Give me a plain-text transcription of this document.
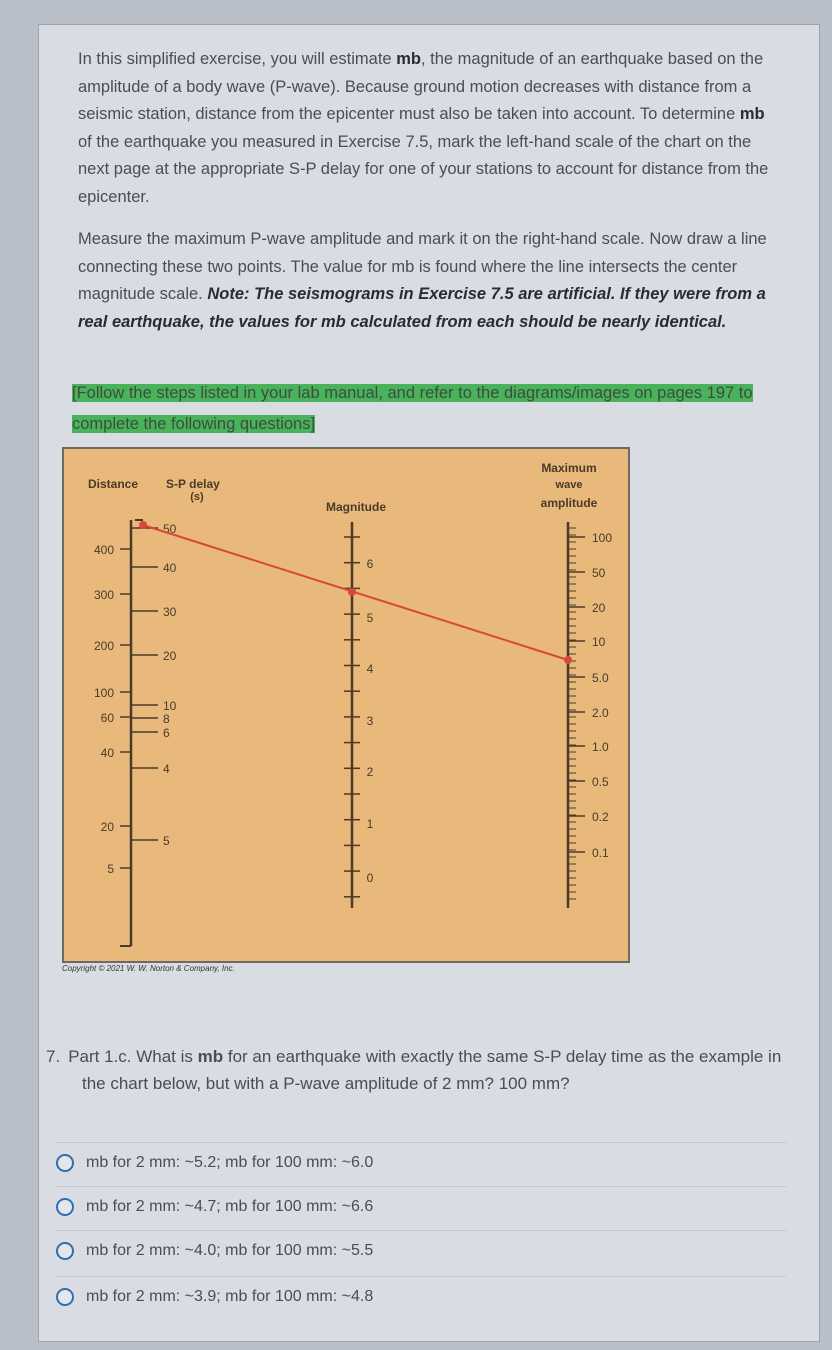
In this simplified exercise, you will estimate mb, the magnitude of an earthquake based on the amplitude of a body wave (P-wave). Because ground motion decreases with distance from a seismic station, distance from the epicenter must also be taken into account. To determine mb of the earthquake you measured in Exercise 7.5, mark the left-hand scale of the chart on the next page at the appropriate S-P delay for one of your stations to account for distance from the epicenter.
Measure the maximum P-wave amplitude and mark it on the right-hand scale. Now draw a line connecting these two points. The value for mb is found where the line intersects the center magnitude scale. Note: The seismograms in Exercise 7.5 are artificial. If they were from a real earthquake, the values for mb calculated from each should be nearly identical.
[Follow the steps listed in your lab manual, and refer to the diagrams/images on pages 197 to complete the following questions]
Distance S-P delay
(s)
Magnitude
Maximum
wave
amplitude
400
300
200
100
60
40
20
5
50
40
30
20
10
8
6
4
5
6
5
4
3
2
1
0
100
50
20
10
5.0
2.0
1.0
0.5
0.2
0.1
Copyright © 2021 W. W. Norton & Company, Inc.
7. Part 1.c. What is mb for an earthquake with exactly the same S-P delay time as the example in the chart below, but with a P-wave amplitude of 2 mm? 100 mm?
mb for 2 mm: ~5.2; mb for 100 mm: ~6.0
mb for 2 mm: ~4.7; mb for 100 mm: ~6.6
mb for 2 mm: ~4.0; mb for 100 mm: ~5.5
mb for 2 mm: ~3.9; mb for 100 mm: ~4.8
